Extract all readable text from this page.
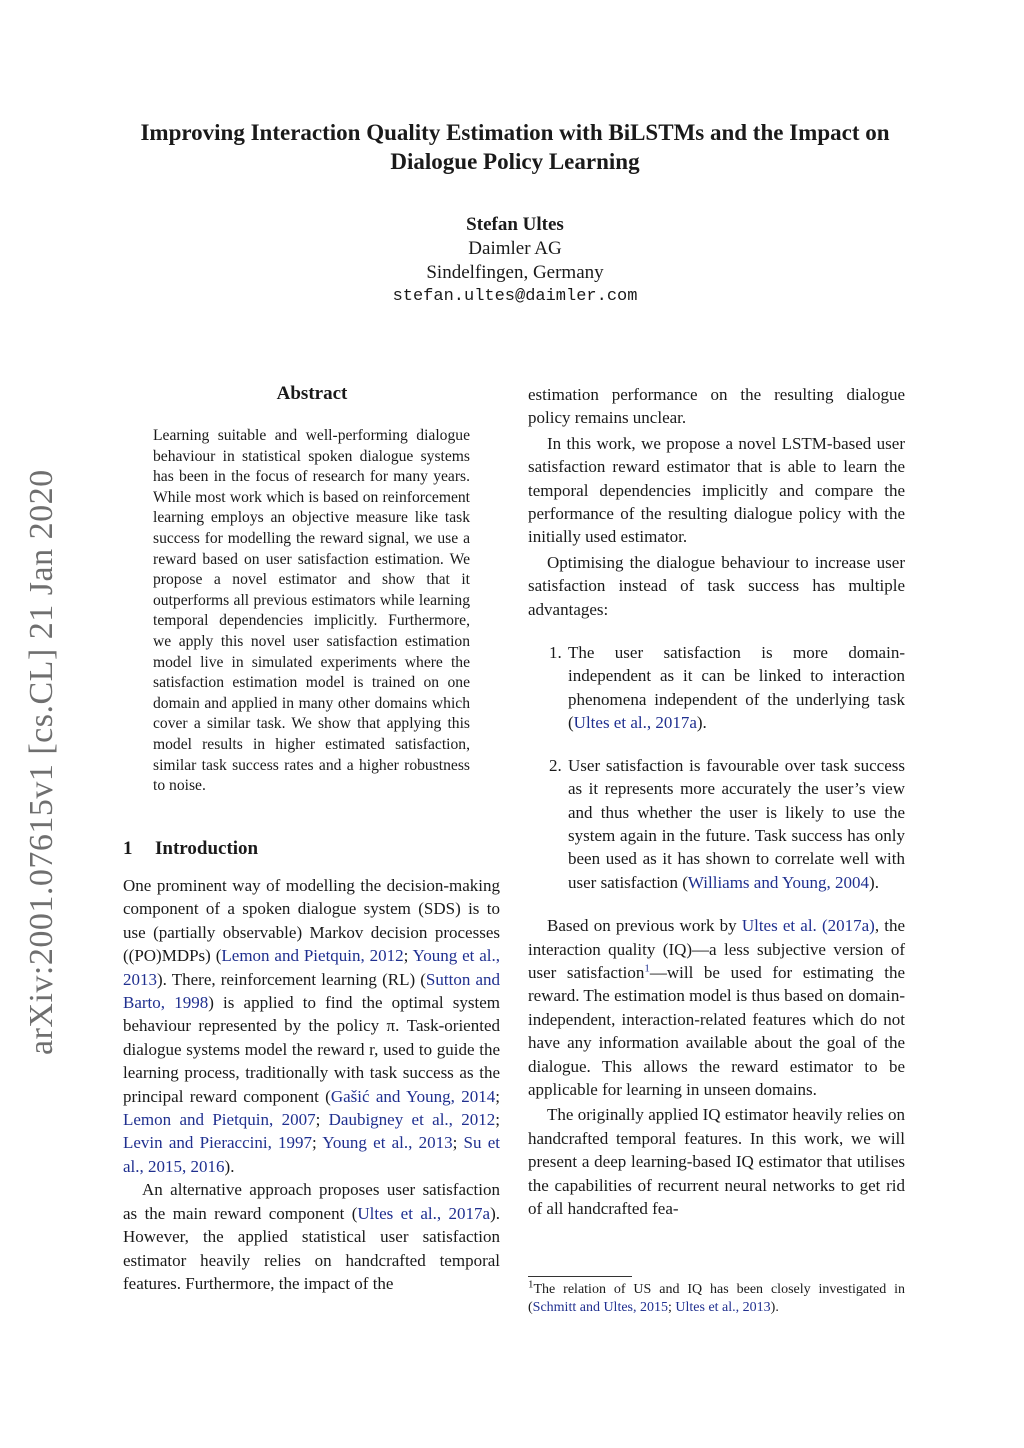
Improving Interaction Quality Estimation with BiLSTMs and the Impact on Dialogue Policy Learning
Stefan Ultes
Daimler AG
Sindelfingen, Germany
stefan.ultes@daimler.com
arXiv:2001.07615v1 [cs.CL] 21 Jan 2020
Abstract

Learning suitable and well-performing dialogue behaviour in statistical spoken dialogue systems has been in the focus of research for many years. While most work which is based on reinforcement learning employs an objective measure like task success for modelling the reward signal, we use a reward based on user satisfaction estimation. We propose a novel estimator and show that it outperforms all previous estimators while learning temporal dependencies implicitly. Furthermore, we apply this novel user satisfaction estimation model live in simulated experiments where the satisfaction estimation model is trained on one domain and applied in many other domains which cover a similar task. We show that applying this model results in higher estimated satisfaction, similar task success rates and a higher robustness to noise.

1 Introduction

One prominent way of modelling the decision-making component of a spoken dialogue system (SDS) is to use (partially observable) Markov decision processes ((PO)MDPs) (Lemon and Pietquin, 2012; Young et al., 2013). There, reinforcement learning (RL) (Sutton and Barto, 1998) is applied to find the optimal system behaviour represented by the policy π. Task-oriented dialogue systems model the reward r, used to guide the learning process, traditionally with task success as the principal reward component (Gašić and Young, 2014; Lemon and Pietquin, 2007; Daubigney et al., 2012; Levin and Pieraccini, 1997; Young et al., 2013; Su et al., 2015, 2016).

An alternative approach proposes user satisfaction as the main reward component (Ultes et al., 2017a). However, the applied statistical user satisfaction estimator heavily relies on handcrafted temporal features. Furthermore, the impact of the

estimation performance on the resulting dialogue policy remains unclear.

In this work, we propose a novel LSTM-based user satisfaction reward estimator that is able to learn the temporal dependencies implicitly and compare the performance of the resulting dialogue policy with the initially used estimator.

Optimising the dialogue behaviour to increase user satisfaction instead of task success has multiple advantages:

1. The user satisfaction is more domain-independent as it can be linked to interaction phenomena independent of the underlying task (Ultes et al., 2017a).
2. User satisfaction is favourable over task success as it represents more accurately the user’s view and thus whether the user is likely to use the system again in the future. Task success has only been used as it has shown to correlate well with user satisfaction (Williams and Young, 2004).

Based on previous work by Ultes et al. (2017a), the interaction quality (IQ)—a less subjective version of user satisfaction$^1$—will be used for estimating the reward. The estimation model is thus based on domain-independent, interaction-related features which do not have any information available about the goal of the dialogue. This allows the reward estimator to be applicable for learning in unseen domains.

The originally applied IQ estimator heavily relies on handcrafted temporal features. In this work, we will present a deep learning-based IQ estimator that utilises the capabilities of recurrent neural networks to get rid of all handcrafted fea-

$^1$The relation of US and IQ has been closely investigated in (Schmitt and Ultes, 2015; Ultes et al., 2013).
